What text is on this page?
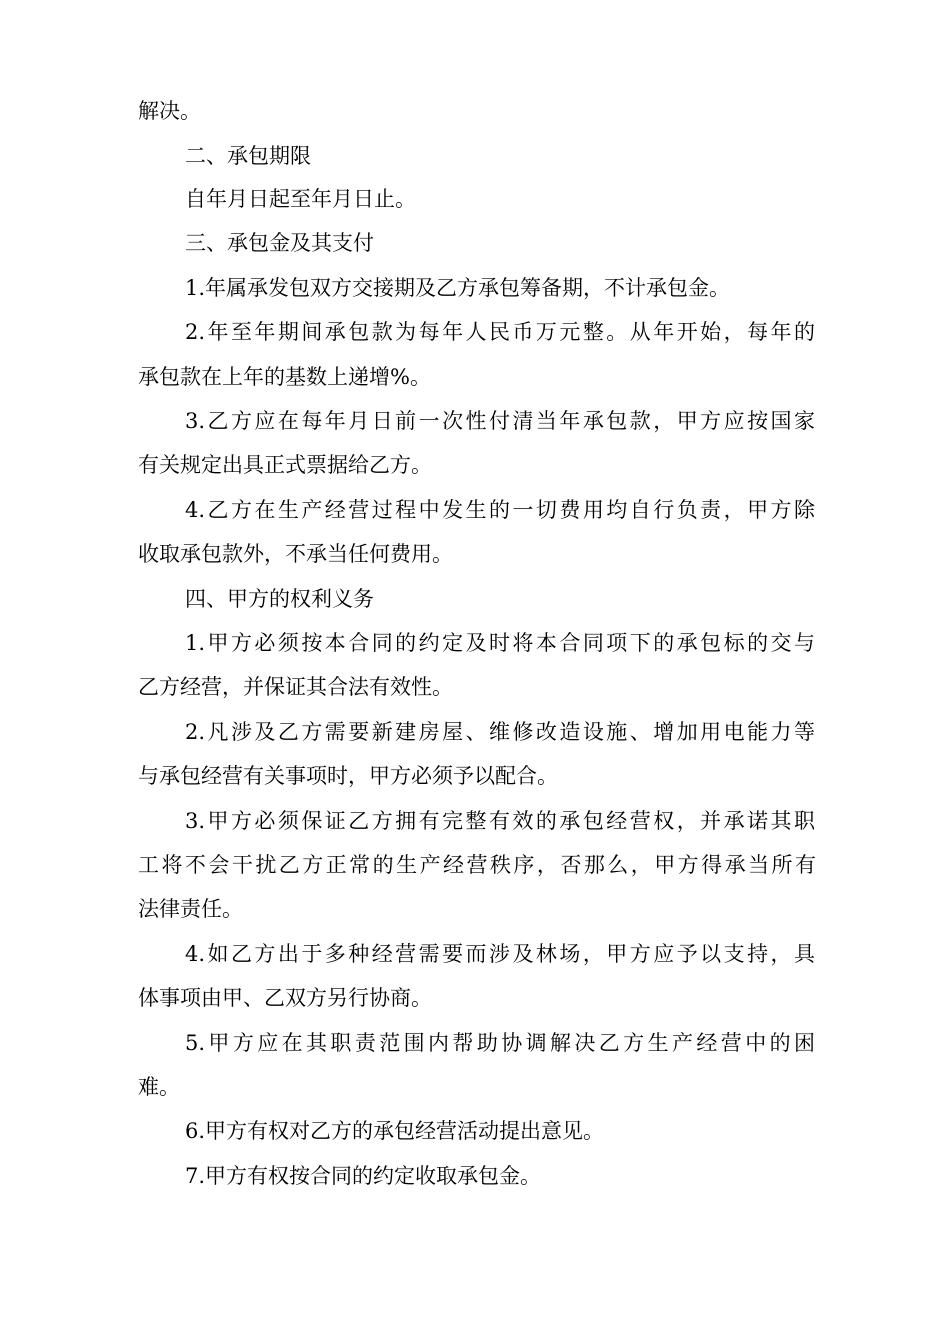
解决。

二、承包期限

自年月日起至年月日止。

三、承包金及其支付

1.年属承发包双方交接期及乙方承包筹备期，不计承包金。

2.年至年期间承包款为每年人民币万元整。从年开始，每年的

承包款在上年的基数上递增%。

3.乙方应在每年月日前一次性付清当年承包款，甲方应按国家

有关规定出具正式票据给乙方。

4.乙方在生产经营过程中发生的一切费用均自行负责，甲方除

收取承包款外，不承当任何费用。

四、甲方的权利义务

1.甲方必须按本合同的约定及时将本合同项下的承包标的交与

乙方经营，并保证其合法有效性。

2.凡涉及乙方需要新建房屋、维修改造设施、增加用电能力等

与承包经营有关事项时，甲方必须予以配合。

3.甲方必须保证乙方拥有完整有效的承包经营权，并承诺其职

工将不会干扰乙方正常的生产经营秩序，否那么，甲方得承当所有

法律责任。

4.如乙方出于多种经营需要而涉及林场，甲方应予以支持，具

体事项由甲、乙双方另行协商。

5.甲方应在其职责范围内帮助协调解决乙方生产经营中的困

难。

6.甲方有权对乙方的承包经营活动提出意见。

7.甲方有权按合同的约定收取承包金。
